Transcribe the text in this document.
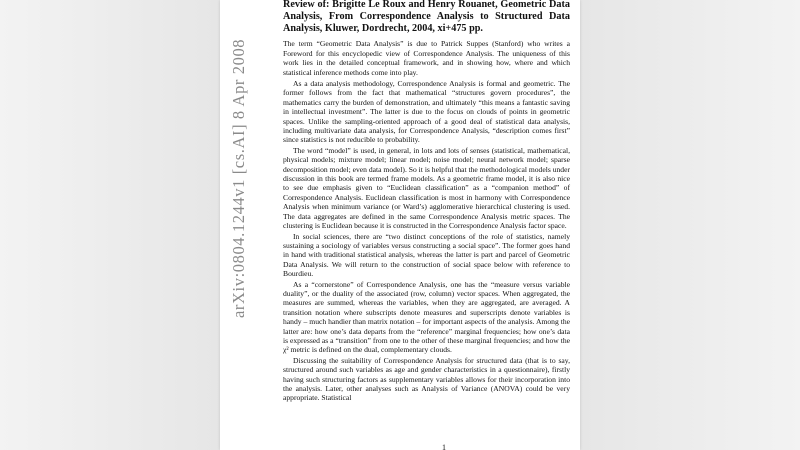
Review of: Brigitte Le Roux and Henry Rouanet, Geometric Data Analysis, From Correspondence Analysis to Structured Data Analysis, Kluwer, Dordrecht, 2004, xi+475 pp.

The term “Geometric Data Analysis” is due to Patrick Suppes (Stanford) who writes a Foreword for this encyclopedic view of Correspondence Analysis. The uniqueness of this work lies in the detailed conceptual framework, and in showing how, where and which statistical inference methods come into play.

As a data analysis methodology, Correspondence Analysis is formal and geometric. The former follows from the fact that mathematical “structures govern procedures”, the mathematics carry the burden of demonstration, and ultimately “this means a fantastic saving in intellectual investment”. The latter is due to the focus on clouds of points in geometric spaces. Unlike the sampling-oriented approach of a good deal of statistical data analysis, including multivariate data analysis, for Correspondence Analysis, “description comes first” since statistics is not reducible to probability.

The word “model” is used, in general, in lots and lots of senses (statistical, mathematical, physical models; mixture model; linear model; noise model; neural network model; sparse decomposition model; even data model). So it is helpful that the methodological models under discussion in this book are termed frame models. As a geometric frame model, it is also nice to see due emphasis given to “Euclidean classification” as a “companion method” of Correspondence Analysis. Euclidean classification is most in harmony with Correspondence Analysis when minimum variance (or Ward’s) agglomerative hierarchical clustering is used. The data aggregates are defined in the same Correspondence Analysis metric spaces. The clustering is Euclidean because it is constructed in the Correspondence Analysis factor space.

In social sciences, there are “two distinct conceptions of the role of statistics, namely sustaining a sociology of variables versus constructing a social space”. The former goes hand in hand with traditional statistical analysis, whereas the latter is part and parcel of Geometric Data Analysis. We will return to the construction of social space below with reference to Bourdieu.

As a “cornerstone” of Correspondence Analysis, one has the “measure versus variable duality”, or the duality of the associated (row, column) vector spaces. When aggregated, the measures are summed, whereas the variables, when they are aggregated, are averaged. A transition notation where subscripts denote measures and superscripts denote variables is handy – much handier than matrix notation – for important aspects of the analysis. Among the latter are: how one’s data departs from the “reference” marginal frequencies; how one’s data is expressed as a “transition” from one to the other of these marginal frequencies; and how the χ² metric is defined on the dual, complementary clouds.

Discussing the suitability of Correspondence Analysis for structured data (that is to say, structured around such variables as age and gender characteristics in a questionnaire), firstly having such structuring factors as supplementary variables allows for their incorporation into the analysis. Later, other analyses such as Analysis of Variance (ANOVA) could be very appropriate. Statistical

1
arXiv:0804.1244v1 [cs.AI] 8 Apr 2008
